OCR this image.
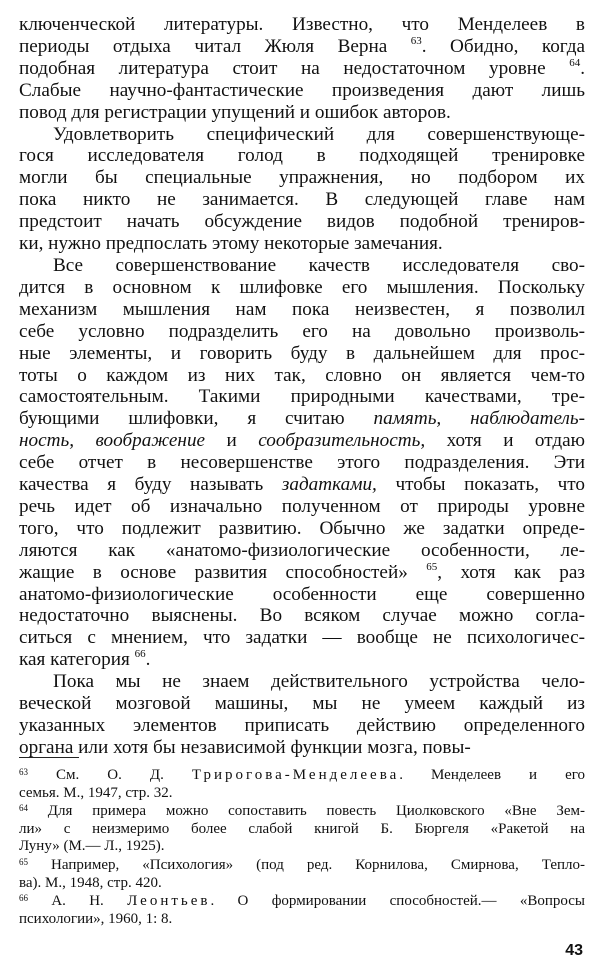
ключенческой литературы. Известно, что Менделеев в
периоды отдыха читал Жюля Верна $^{63}$. Обидно, когда
подобная литература стоит на недостаточном уровне $^{64}$.
Слабые научно-фантастические произведения дают лишь
повод для регистрации упущений и ошибок авторов.
Удовлетворить специфический для совершенствующе-
гося исследователя голод в подходящей тренировке
могли бы специальные упражнения, но подбором их
пока никто не занимается. В следующей главе нам
предстоит начать обсуждение видов подобной трениров-
ки, нужно предпослать этому некоторые замечания.
Все совершенствование качеств исследователя сво-
дится в основном к шлифовке его мышления. Поскольку
механизм мышления нам пока неизвестен, я позволил
себе условно подразделить его на довольно произволь-
ные элементы, и говорить буду в дальнейшем для прос-
тоты о каждом из них так, словно он является чем-то
самостоятельным. Такими природными качествами, тре-
бующими шлифовки, я считаю память, наблюдатель-
ность, воображение и сообразительность, хотя и отдаю
себе отчет в несовершенстве этого подразделения. Эти
качества я буду называть задатками, чтобы показать, что
речь идет об изначально полученном от природы уровне
того, что подлежит развитию. Обычно же задатки опреде-
ляются как «анатомо-физиологические особенности, ле-
жащие в основе развития способностей» $^{65}$, хотя как раз
анатомо-физиологические особенности еще совершенно
недостаточно выяснены. Во всяком случае можно согла-
ситься с мнением, что задатки — вообще не психологичес-
кая категория $^{66}$.
Пока мы не знаем действительного устройства чело-
веческой мозговой машины, мы не умеем каждый из
указанных элементов приписать действию определенного
органа или хотя бы независимой функции мозга, повы-
$^{63}$ См. О. Д. Трирогова-Менделеева. Менделеев и его
семья. М., 1947, стр. 32.
$^{64}$ Для примера можно сопоставить повесть Циолковского «Вне Зем-
ли» с неизмеримо более слабой книгой Б. Бюргеля «Ракетой на
Луну» (М.— Л., 1925).
$^{65}$ Например, «Психология» (под ред. Корнилова, Смирнова, Тепло-
ва). М., 1948, стр. 420.
$^{66}$ А. Н. Леонтьев. О формировании способностей.— «Вопросы
психологии», 1960, 1: 8.
43
